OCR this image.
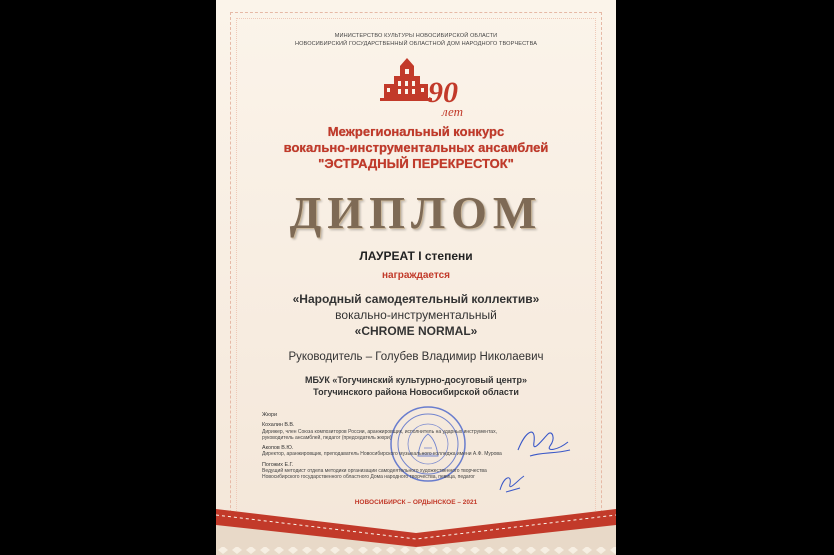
МИНИСТЕРСТВО КУЛЬТУРЫ НОВОСИБИРСКОЙ ОБЛАСТИ
НОВОСИБИРСКИЙ ГОСУДАРСТВЕННЫЙ ОБЛАСТНОЙ ДОМ НАРОДНОГО ТВОРЧЕСТВА
90
лет
Межрегиональный конкурс
вокально-инструментальных ансамблей
"ЭСТРАДНЫЙ ПЕРЕКРЕСТОК"
ДИПЛОМ
ЛАУРЕАТ I степени
награждается
«Народный самодеятельный коллектив»
вокально-инструментальный
«CHROME NORMAL»
Руководитель – Голубев Владимир Николаевич
МБУК «Тогучинский культурно-досуговый центр»
Тогучинского района Новосибирской области
Жюри
Кохалин В.В.
Дирижер, член Союза композиторов России, аранжировщик, исполнитель на ударных инструментах,
руководитель ансамблей, педагог (председатель жюри)
Акопов В.Ю.
Директор, аранжировщик, преподаватель Новосибирского музыкального колледжа имени А.Ф. Мурова
Погожих Е.Г.
Ведущий методист отдела методики организации самодеятельного художественного творчества
Новосибирского государственного областного Дома народного творчества, певица, педагог
НОВОСИБИРСК – ОРДЫНСКОЕ – 2021
